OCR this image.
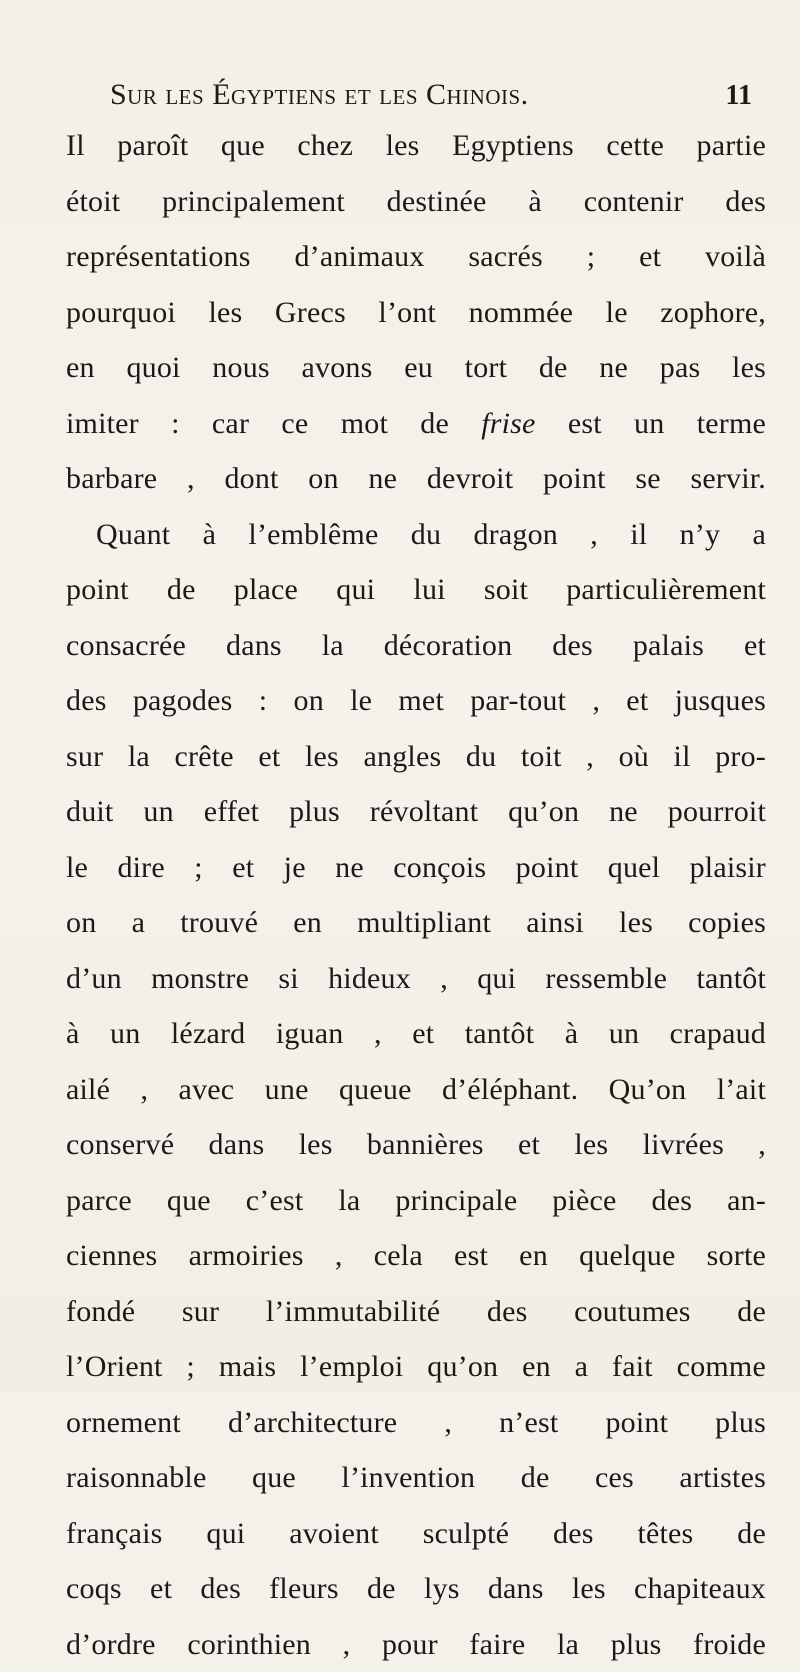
Sur les Égyptiens et les Chinois.	11
Il paroît que chez les Egyptiens cette partie
étoit principalement destinée à contenir des
représentations d’animaux sacrés ; et voilà
pourquoi les Grecs l’ont nommée le zophore,
en quoi nous avons eu tort de ne pas les
imiter : car ce mot de frise est un terme
barbare , dont on ne devroit point se servir.
Quant à l’emblême du dragon , il n’y a
point de place qui lui soit particulièrement
consacrée dans la décoration des palais et
des pagodes : on le met par-tout , et jusques
sur la crête et les angles du toit , où il pro-
duit un effet plus révoltant qu’on ne pourroit
le dire ; et je ne conçois point quel plaisir
on a trouvé en multipliant ainsi les copies
d’un monstre si hideux , qui ressemble tantôt
à un lézard iguan , et tantôt à un crapaud
ailé , avec une queue d’éléphant. Qu’on l’ait
conservé dans les bannières et les livrées ,
parce que c’est la principale pièce des an-
ciennes armoiries , cela est en quelque sorte
fondé sur l’immutabilité des coutumes de
l’Orient ; mais l’emploi qu’on en a fait comme
ornement d’architecture , n’est point plus
raisonnable que l’invention de ces artistes
français qui avoient sculpté des têtes de
coqs et des fleurs de lys dans les chapiteaux
d’ordre corinthien , pour faire la plus froide
